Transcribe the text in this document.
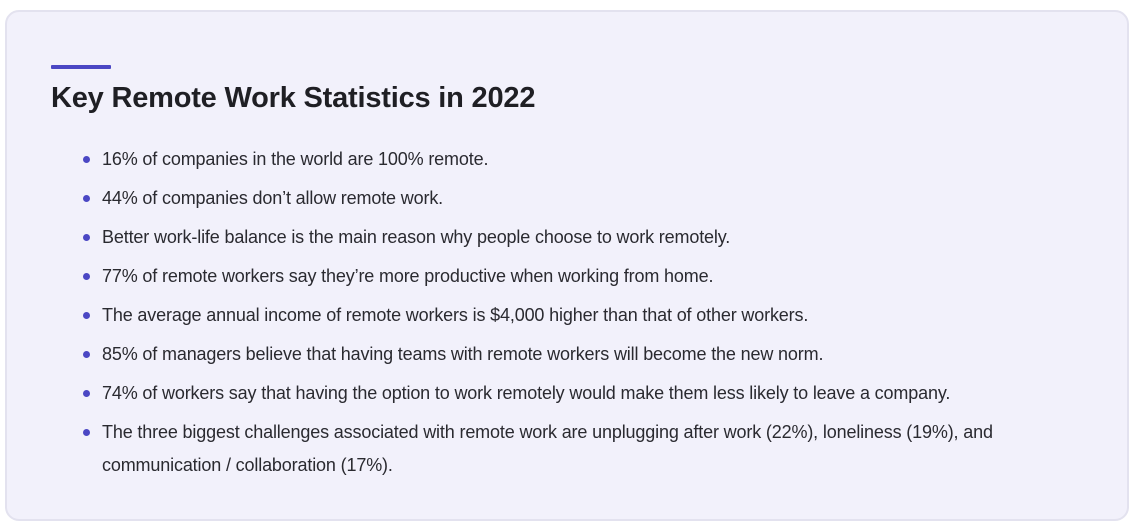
Key Remote Work Statistics in 2022
16% of companies in the world are 100% remote.
44% of companies don’t allow remote work.
Better work-life balance is the main reason why people choose to work remotely.
77% of remote workers say they’re more productive when working from home.
The average annual income of remote workers is $4,000 higher than that of other workers.
85% of managers believe that having teams with remote workers will become the new norm.
74% of workers say that having the option to work remotely would make them less likely to leave a company.
The three biggest challenges associated with remote work are unplugging after work (22%), loneliness (19%), and communication / collaboration (17%).
